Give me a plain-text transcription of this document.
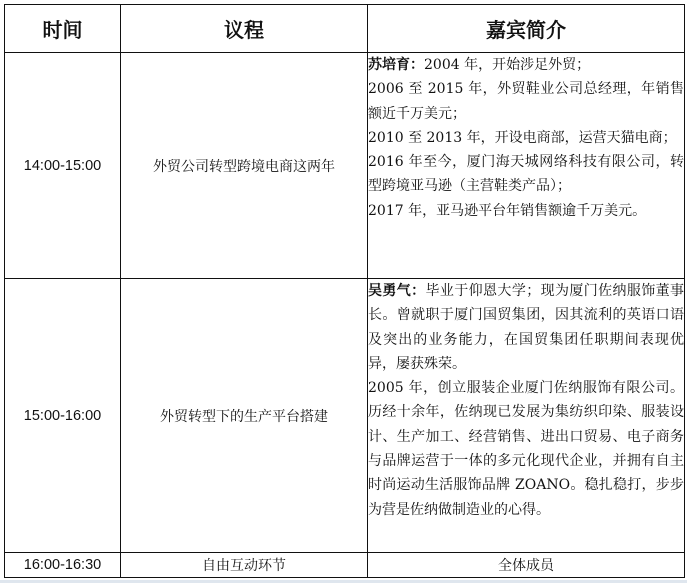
时间	议程	嘉宾简介
14:00-15:00	外贸公司转型跨境电商这两年	苏培育：2004 年，开始涉足外贸；

2006 至 2015 年，外贸鞋业公司总经理，年销售额近千万美元；

2010 至 2013 年，开设电商部，运营天猫电商；

2016 年至今，厦门海天城网络科技有限公司，转型跨境亚马逊（主营鞋类产品）；

2017 年，亚马逊平台年销售额逾千万美元。

15:00-16:00	外贸转型下的生产平台搭建	吴勇气：毕业于仰恩大学；现为厦门佐纳服饰董事长。曾就职于厦门国贸集团，因其流利的英语口语及突出的业务能力，在国贸集团任职期间表现优异，屡获殊荣。

2005 年，创立服装企业厦门佐纳服饰有限公司。历经十余年，佐纳现已发展为集纺织印染、服装设计、生产加工、经营销售、进出口贸易、电子商务与品牌运营于一体的多元化现代企业，并拥有自主时尚运动生活服饰品牌 ZOANO。稳扎稳打，步步为营是佐纳做制造业的心得。

16:00-16:30	自由互动环节	全体成员
